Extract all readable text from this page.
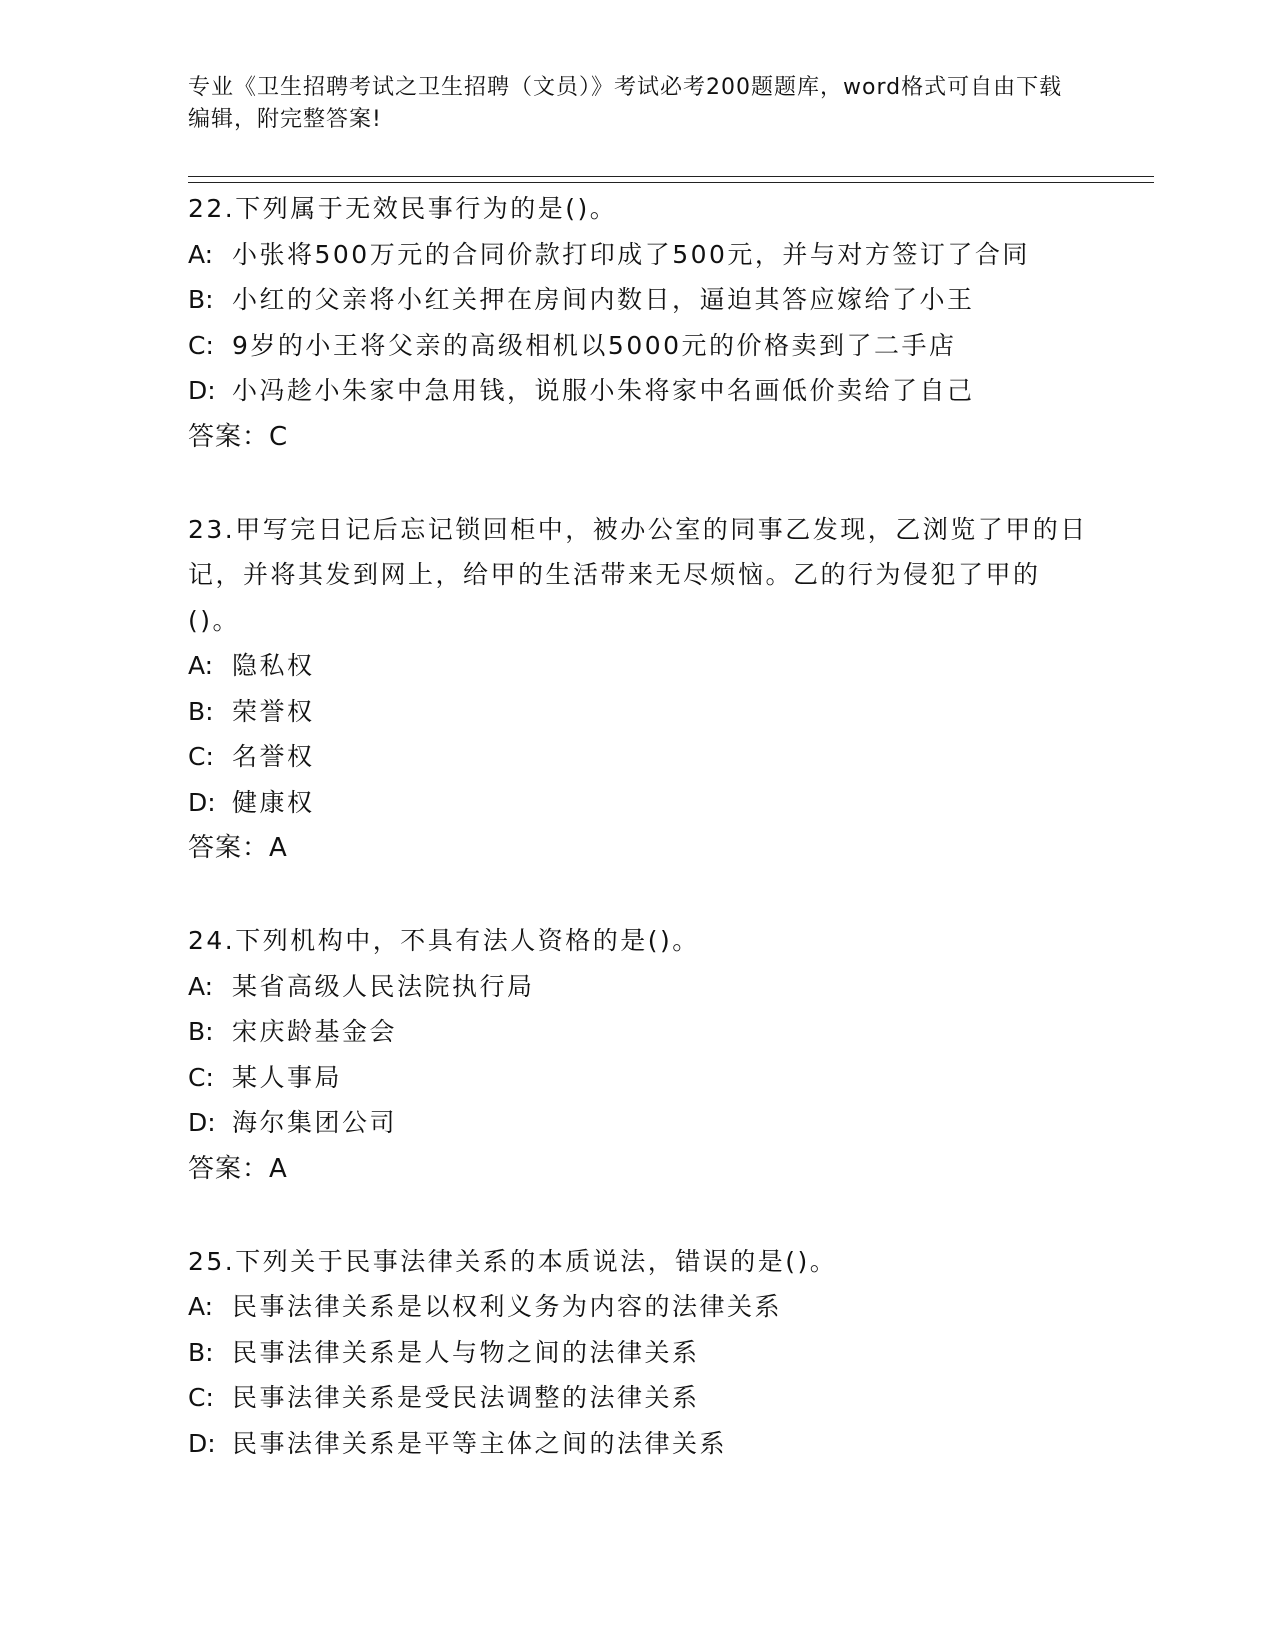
专业《卫生招聘考试之卫生招聘（文员）》考试必考200题题库，word格式可自由下载编辑，附完整答案!

22.下列属于无效民事行为的是()。

A: 小张将500万元的合同价款打印成了500元，并与对方签订了合同
B: 小红的父亲将小红关押在房间内数日，逼迫其答应嫁给了小王
C: 9岁的小王将父亲的高级相机以5000元的价格卖到了二手店
D: 小冯趁小朱家中急用钱，说服小朱将家中名画低价卖给了自己
答案：C

23.甲写完日记后忘记锁回柜中，被办公室的同事乙发现，乙浏览了甲的日记，并将其发到网上，给甲的生活带来无尽烦恼。乙的行为侵犯了甲的()。

A: 隐私权
B: 荣誉权
C: 名誉权
D: 健康权
答案：A

24.下列机构中，不具有法人资格的是()。

A: 某省高级人民法院执行局
B: 宋庆龄基金会
C: 某人事局
D: 海尔集团公司
答案：A

25.下列关于民事法律关系的本质说法，错误的是()。

A: 民事法律关系是以权利义务为内容的法律关系
B: 民事法律关系是人与物之间的法律关系
C: 民事法律关系是受民法调整的法律关系
D: 民事法律关系是平等主体之间的法律关系
